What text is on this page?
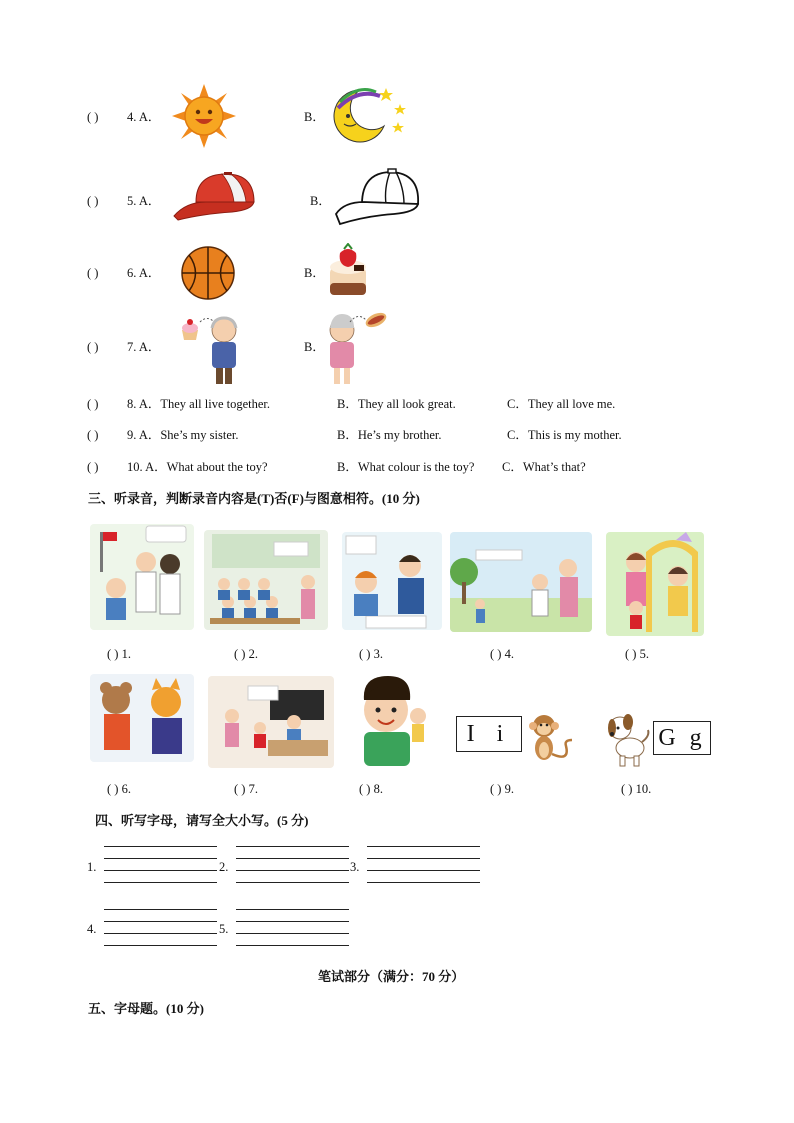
( ) 4. A．	B．
( ) 5. A．	B．
( ) 6. A．	B．
( ) 7. A．	B．
( ) 8. A．They all live together.	B．They all look great.	C．They all love me.
( ) 9. A．She’s my sister.	B．He’s my brother.	C．This is my mother.
( ) 10. A．What about the toy?	B．What colour is the toy? C．What’s that?
三、听录音，判断录音内容是(T)否(F)与图意相符。(10 分)
( ) 1.	( ) 2.	( ) 3.	( ) 4.	( ) 5.
I i	G g
( ) 6.	( ) 7.	( ) 8.	( ) 9.	( ) 10.
四、听写字母，请写全大小写。(5 分)
1.	2.	3.
4.	5.
笔试部分（满分：70 分）
五、字母题。(10 分)
